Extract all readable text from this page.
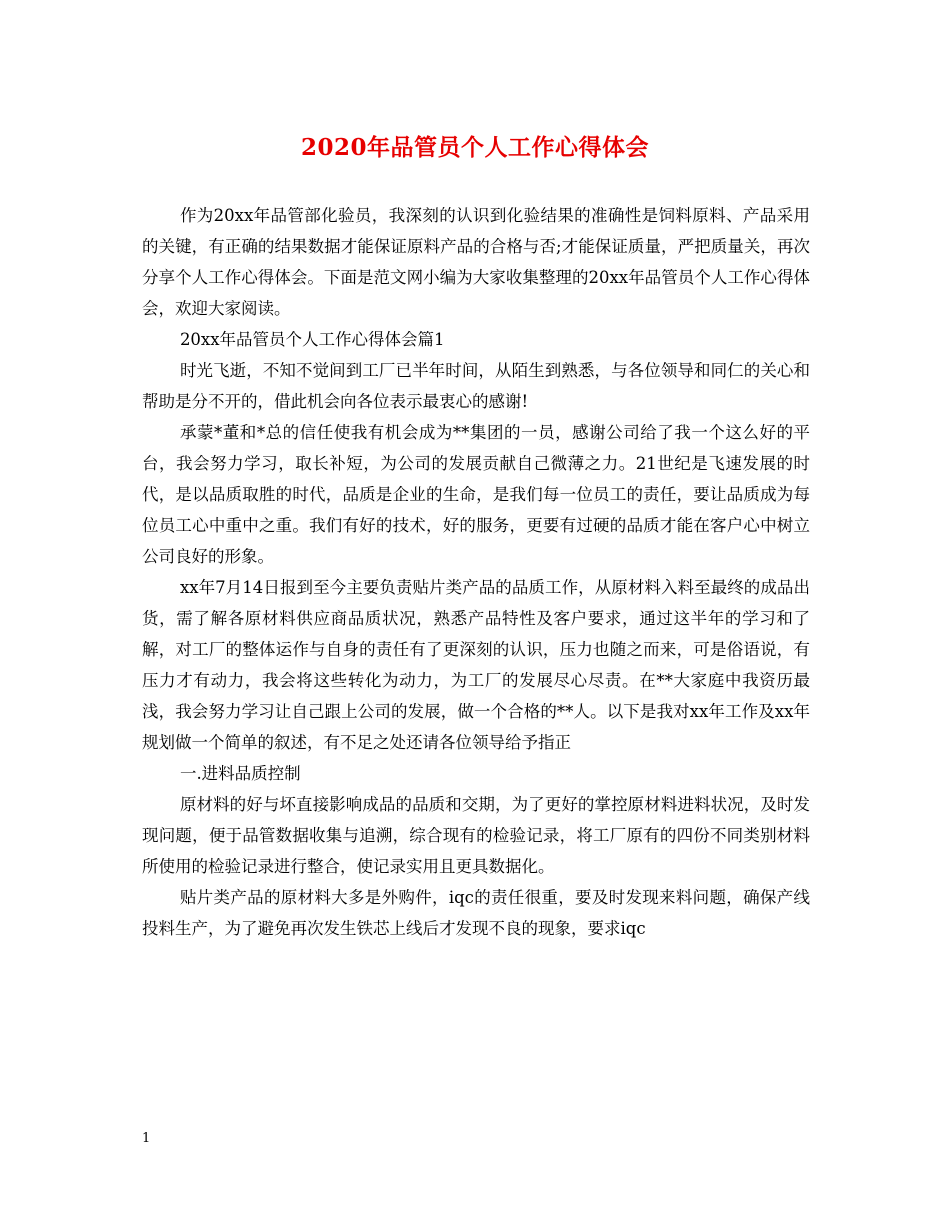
2020年品管员个人工作心得体会

作为20xx年品管部化验员，我深刻的认识到化验结果的准确性是饲料原料、产品采用的关键，有正确的结果数据才能保证原料产品的合格与否;才能保证质量，严把质量关，再次分享个人工作心得体会。下面是范文网小编为大家收集整理的20xx年品管员个人工作心得体会，欢迎大家阅读。

20xx年品管员个人工作心得体会篇1

时光飞逝，不知不觉间到工厂已半年时间，从陌生到熟悉，与各位领导和同仁的关心和帮助是分不开的，借此机会向各位表示最衷心的感谢!

承蒙*董和*总的信任使我有机会成为**集团的一员，感谢公司给了我一个这么好的平台，我会努力学习，取长补短，为公司的发展贡献自己微薄之力。21世纪是飞速发展的时代，是以品质取胜的时代，品质是企业的生命，是我们每一位员工的责任，要让品质成为每位员工心中重中之重。我们有好的技术，好的服务，更要有过硬的品质才能在客户心中树立公司良好的形象。

xx年7月14日报到至今主要负责贴片类产品的品质工作，从原材料入料至最终的成品出货，需了解各原材料供应商品质状况，熟悉产品特性及客户要求，通过这半年的学习和了解，对工厂的整体运作与自身的责任有了更深刻的认识，压力也随之而来，可是俗语说，有压力才有动力，我会将这些转化为动力，为工厂的发展尽心尽责。在**大家庭中我资历最浅，我会努力学习让自己跟上公司的发展，做一个合格的**人。以下是我对xx年工作及xx年规划做一个简单的叙述，有不足之处还请各位领导给予指正

一.进料品质控制

原材料的好与坏直接影响成品的品质和交期，为了更好的掌控原材料进料状况，及时发现问题，便于品管数据收集与追溯，综合现有的检验记录，将工厂原有的四份不同类别材料所使用的检验记录进行整合，使记录实用且更具数据化。

贴片类产品的原材料大多是外购件，iqc的责任很重，要及时发现来料问题，确保产线投料生产，为了避免再次发生铁芯上线后才发现不良的现象，要求iqc

1
